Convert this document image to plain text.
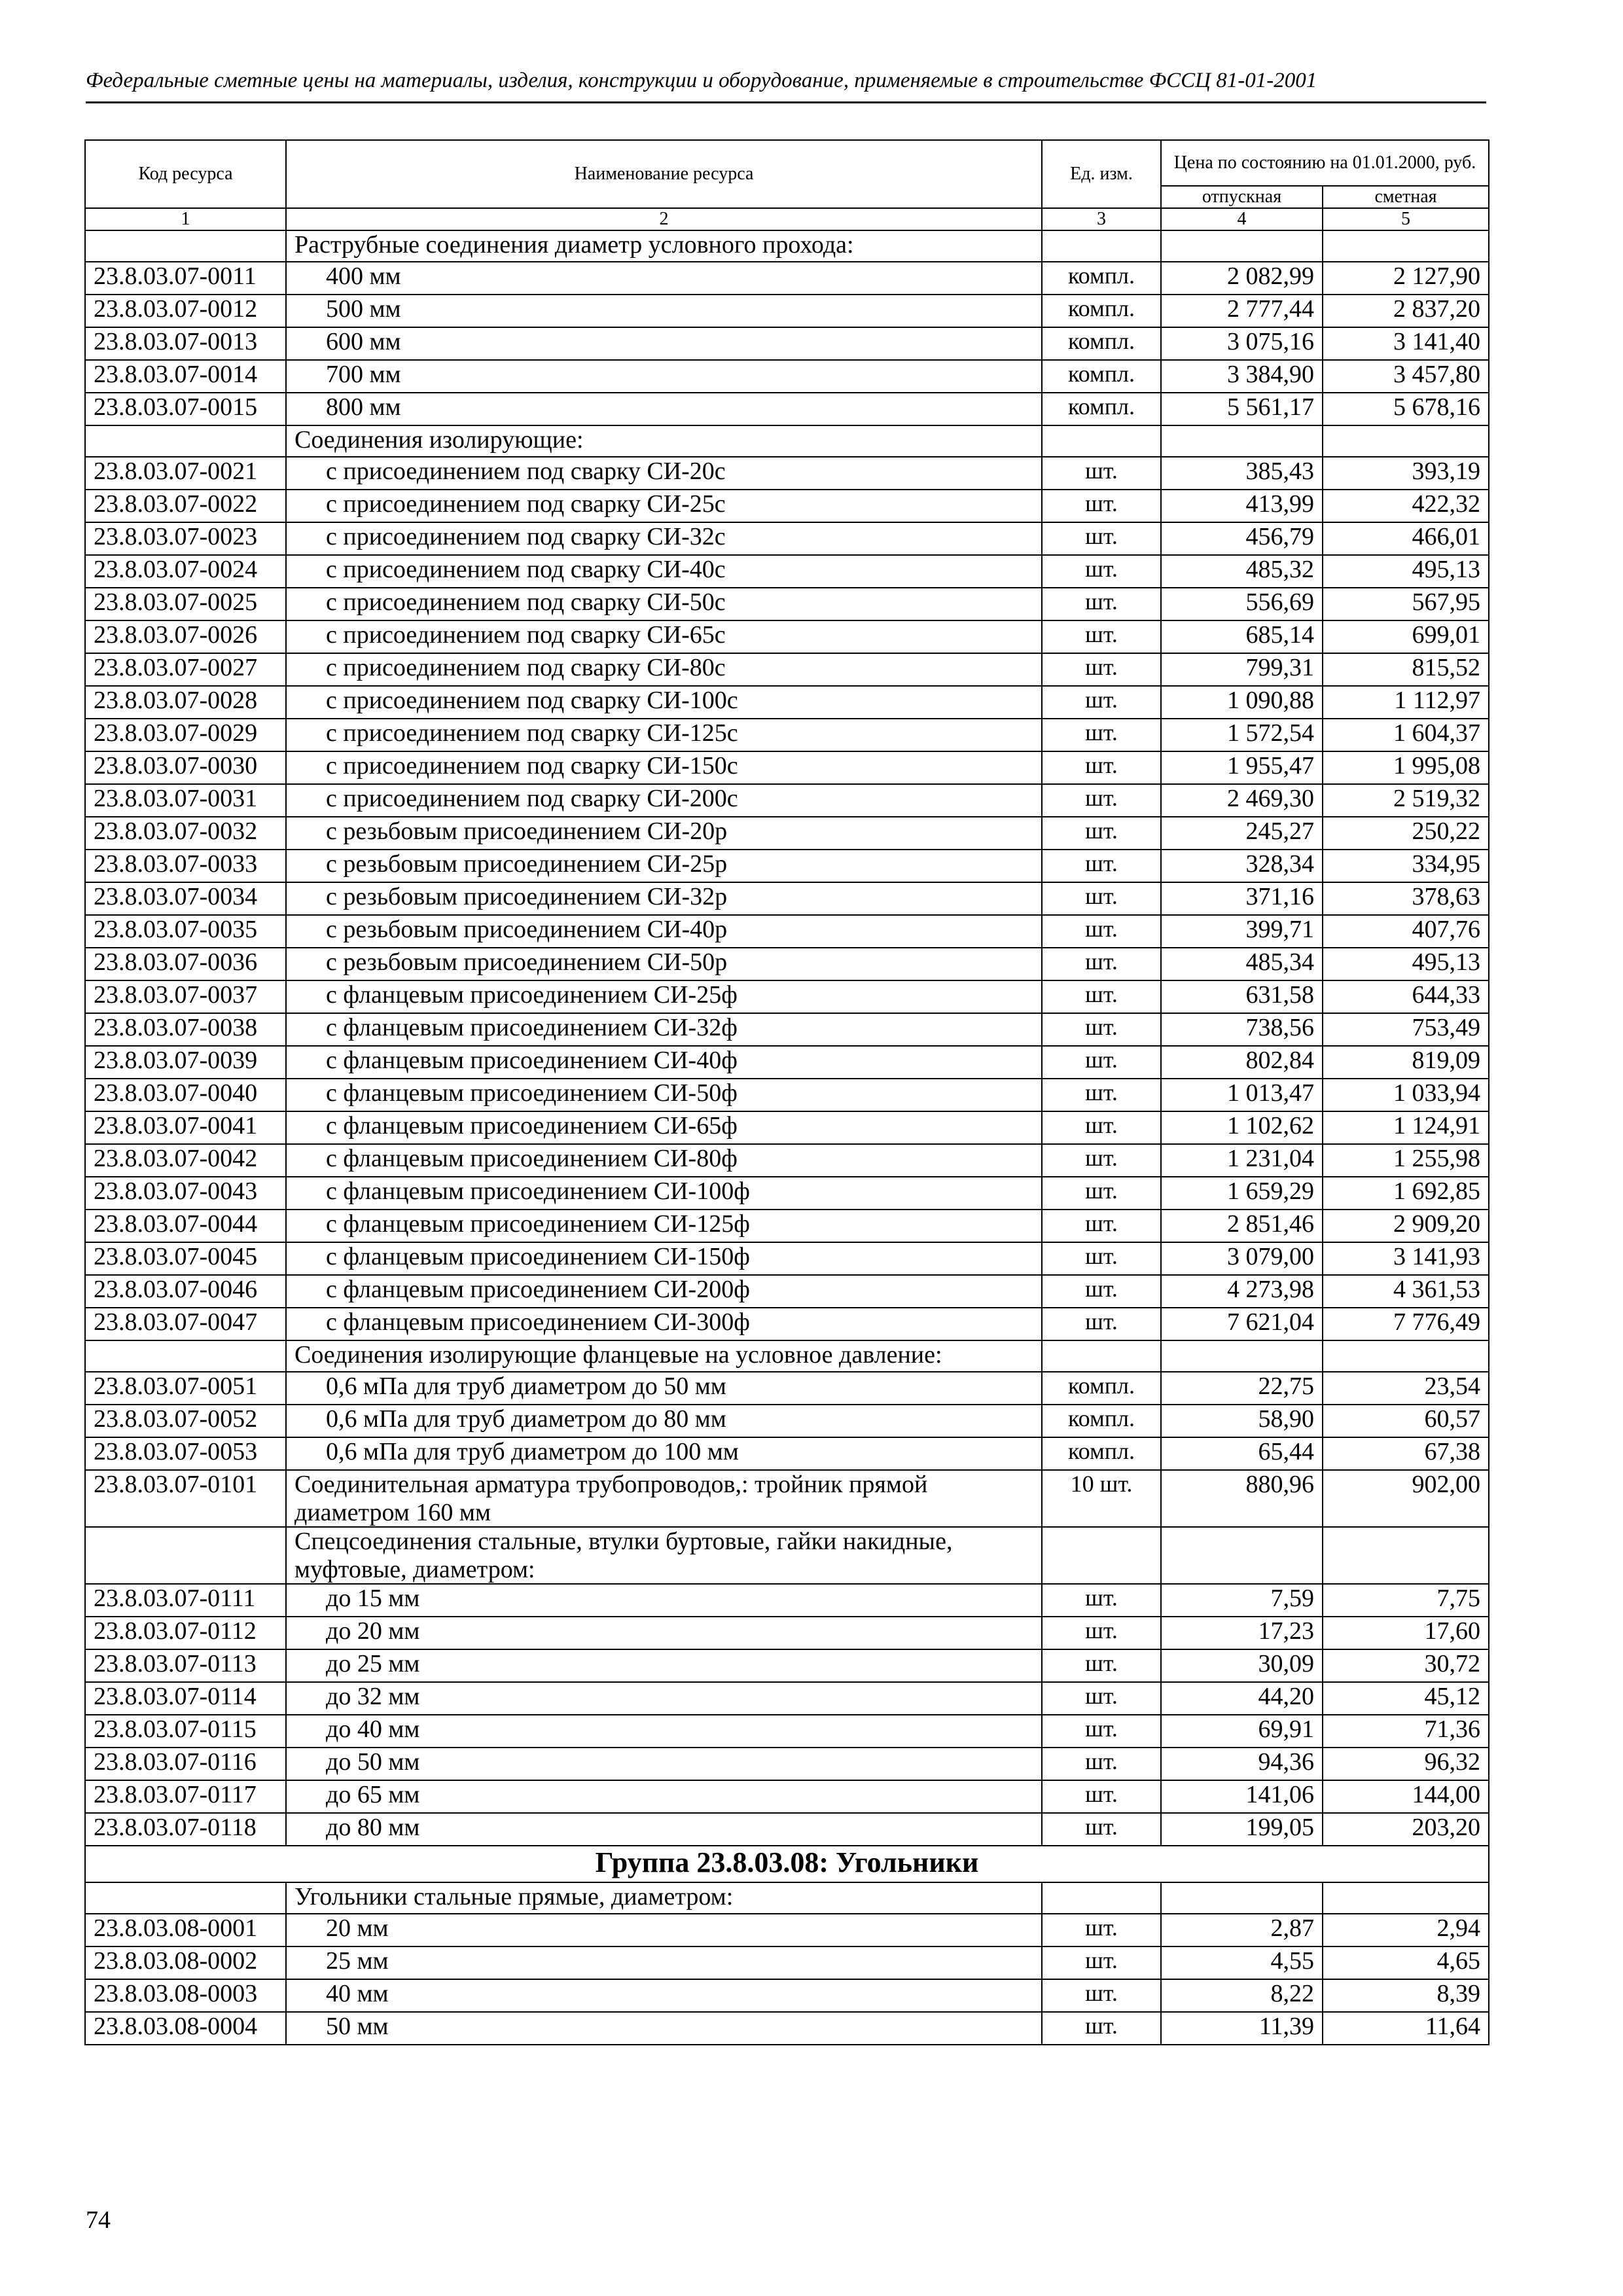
Федеральные сметные цены на материалы, изделия, конструкции и оборудование, применяемые в строительстве ФССЦ 81-01-2001
Код ресурса	Наименование ресурса	Ед. изм.	Цена по состоянию на 01.01.2000, руб.	
			отпускная	сметная
1	2	3	4	5
	Раструбные соединения диаметр условного прохода:			
23.8.03.07-0011	400 мм	компл.	2 082,99	2 127,90
23.8.03.07-0012	500 мм	компл.	2 777,44	2 837,20
23.8.03.07-0013	600 мм	компл.	3 075,16	3 141,40
23.8.03.07-0014	700 мм	компл.	3 384,90	3 457,80
23.8.03.07-0015	800 мм	компл.	5 561,17	5 678,16
	Соединения изолирующие:			
23.8.03.07-0021	с присоединением под сварку СИ-20с	шт.	385,43	393,19
23.8.03.07-0022	с присоединением под сварку СИ-25с	шт.	413,99	422,32
23.8.03.07-0023	с присоединением под сварку СИ-32с	шт.	456,79	466,01
23.8.03.07-0024	с присоединением под сварку СИ-40с	шт.	485,32	495,13
23.8.03.07-0025	с присоединением под сварку СИ-50с	шт.	556,69	567,95
23.8.03.07-0026	с присоединением под сварку СИ-65с	шт.	685,14	699,01
23.8.03.07-0027	с присоединением под сварку СИ-80с	шт.	799,31	815,52
23.8.03.07-0028	с присоединением под сварку СИ-100с	шт.	1 090,88	1 112,97
23.8.03.07-0029	с присоединением под сварку СИ-125с	шт.	1 572,54	1 604,37
23.8.03.07-0030	с присоединением под сварку СИ-150с	шт.	1 955,47	1 995,08
23.8.03.07-0031	с присоединением под сварку СИ-200с	шт.	2 469,30	2 519,32
23.8.03.07-0032	с резьбовым присоединением СИ-20р	шт.	245,27	250,22
23.8.03.07-0033	с резьбовым присоединением СИ-25р	шт.	328,34	334,95
23.8.03.07-0034	с резьбовым присоединением СИ-32р	шт.	371,16	378,63
23.8.03.07-0035	с резьбовым присоединением СИ-40р	шт.	399,71	407,76
23.8.03.07-0036	с резьбовым присоединением СИ-50р	шт.	485,34	495,13
23.8.03.07-0037	с фланцевым присоединением СИ-25ф	шт.	631,58	644,33
23.8.03.07-0038	с фланцевым присоединением СИ-32ф	шт.	738,56	753,49
23.8.03.07-0039	с фланцевым присоединением СИ-40ф	шт.	802,84	819,09
23.8.03.07-0040	с фланцевым присоединением СИ-50ф	шт.	1 013,47	1 033,94
23.8.03.07-0041	с фланцевым присоединением СИ-65ф	шт.	1 102,62	1 124,91
23.8.03.07-0042	с фланцевым присоединением СИ-80ф	шт.	1 231,04	1 255,98
23.8.03.07-0043	с фланцевым присоединением СИ-100ф	шт.	1 659,29	1 692,85
23.8.03.07-0044	с фланцевым присоединением СИ-125ф	шт.	2 851,46	2 909,20
23.8.03.07-0045	с фланцевым присоединением СИ-150ф	шт.	3 079,00	3 141,93
23.8.03.07-0046	с фланцевым присоединением СИ-200ф	шт.	4 273,98	4 361,53
23.8.03.07-0047	с фланцевым присоединением СИ-300ф	шт.	7 621,04	7 776,49
	Соединения изолирующие фланцевые на условное давление:			
23.8.03.07-0051	0,6 мПа для труб диаметром до 50 мм	компл.	22,75	23,54
23.8.03.07-0052	0,6 мПа для труб диаметром до 80 мм	компл.	58,90	60,57
23.8.03.07-0053	0,6 мПа для труб диаметром до 100 мм	компл.	65,44	67,38
23.8.03.07-0101	Соединительная арматура трубопроводов,: тройник прямой диаметром 160 мм	10 шт.	880,96	902,00
	Спецсоединения стальные, втулки буртовые, гайки накидные, муфтовые, диаметром:			
23.8.03.07-0111	до 15 мм	шт.	7,59	7,75
23.8.03.07-0112	до 20 мм	шт.	17,23	17,60
23.8.03.07-0113	до 25 мм	шт.	30,09	30,72
23.8.03.07-0114	до 32 мм	шт.	44,20	45,12
23.8.03.07-0115	до 40 мм	шт.	69,91	71,36
23.8.03.07-0116	до 50 мм	шт.	94,36	96,32
23.8.03.07-0117	до 65 мм	шт.	141,06	144,00
23.8.03.07-0118	до 80 мм	шт.	199,05	203,20
Группа 23.8.03.08: Угольники				
	Угольники стальные прямые, диаметром:			
23.8.03.08-0001	20 мм	шт.	2,87	2,94
23.8.03.08-0002	25 мм	шт.	4,55	4,65
23.8.03.08-0003	40 мм	шт.	8,22	8,39
23.8.03.08-0004	50 мм	шт.	11,39	11,64
74
